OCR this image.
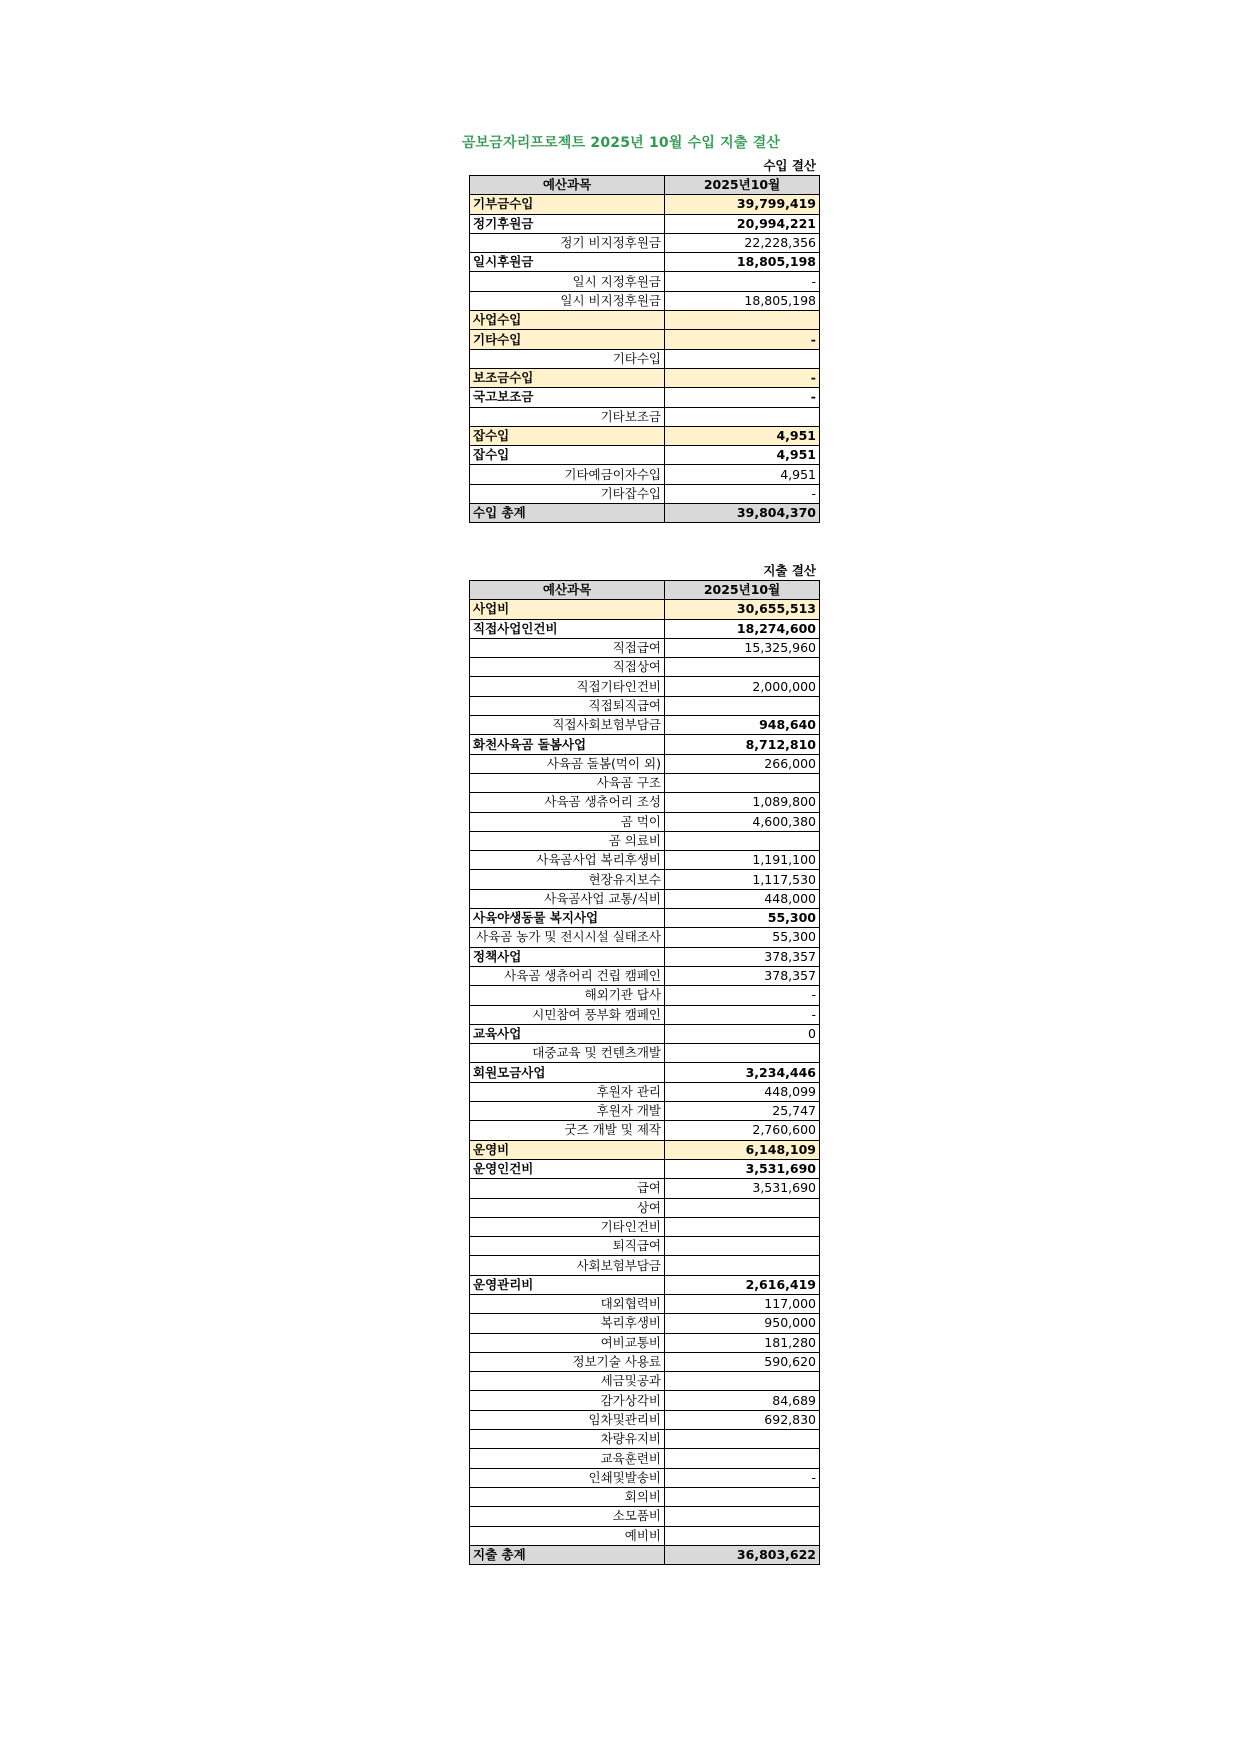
곰보금자리프로젝트 2025년 10월 수입 지출 결산
수입 결산
예산과목	2025년10월
기부금수입	39,799,419
정기후원금	20,994,221
정기 비지정후원금	22,228,356
일시후원금	18,805,198
일시 지정후원금	-
일시 비지정후원금	18,805,198
사업수입	
기타수입	-
기타수입	
보조금수입	-
국고보조금	-
기타보조금	
잡수입	4,951
잡수입	4,951
기타예금이자수입	4,951
기타잡수입	-
수입 총계	39,804,370
지출 결산
예산과목	2025년10월
사업비	30,655,513
직접사업인건비	18,274,600
직접급여	15,325,960
직접상여	
직접기타인건비	2,000,000
직접퇴직급여	
직접사회보험부담금	948,640
화천사육곰 돌봄사업	8,712,810
사육곰 돌봄(먹이 외)	266,000
사육곰 구조	
사육곰 생츄어리 조성	1,089,800
곰 먹이	4,600,380
곰 의료비	
사육곰사업 복리후생비	1,191,100
현장유지보수	1,117,530
사육곰사업 교통/식비	448,000
사육야생동물 복지사업	55,300
사육곰 농가 및 전시시설 실태조사	55,300
정책사업	378,357
사육곰 생츄어리 건립 캠페인	378,357
해외기관 답사	-
시민참여 풍부화 캠페인	-
교육사업	0
대중교육 및 컨텐츠개발	
회원모금사업	3,234,446
후원자 관리	448,099
후원자 개발	25,747
굿즈 개발 및 제작	2,760,600
운영비	6,148,109
운영인건비	3,531,690
급여	3,531,690
상여	
기타인건비	
퇴직급여	
사회보험부담금	
운영관리비	2,616,419
대외협력비	117,000
복리후생비	950,000
여비교통비	181,280
정보기술 사용료	590,620
세금및공과	
감가상각비	84,689
임차및관리비	692,830
차량유지비	
교육훈련비	
인쇄및발송비	-
회의비	
소모품비	
예비비	
지출 총계	36,803,622
